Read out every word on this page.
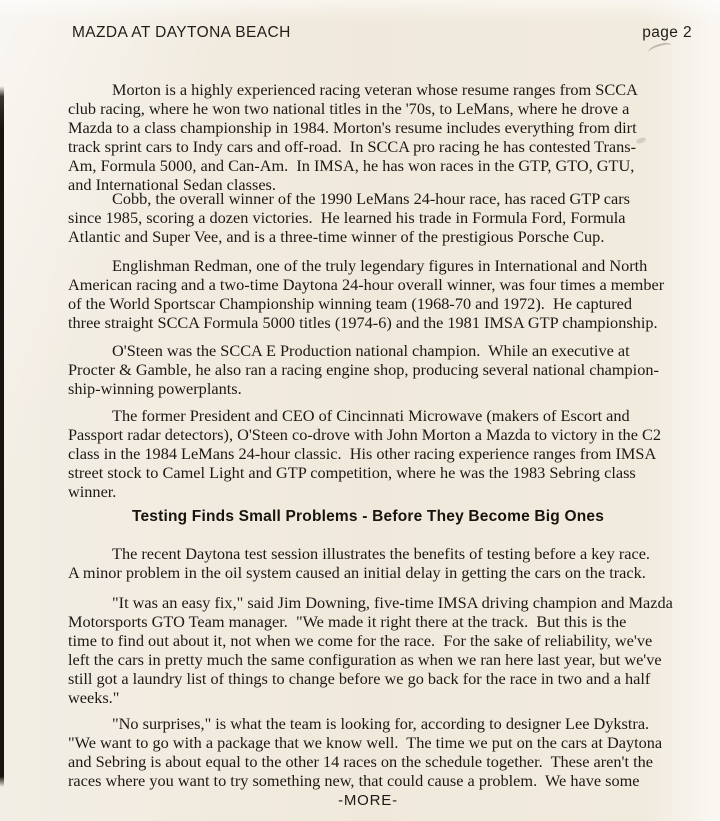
MAZDA AT DAYTONA BEACH	page 2
Morton is a highly experienced racing veteran whose resume ranges from SCCA
club racing, where he won two national titles in the '70s, to LeMans, where he drove a
Mazda to a class championship in 1984. Morton's resume includes everything from dirt
track sprint cars to Indy cars and off-road.  In SCCA pro racing he has contested Trans-
Am, Formula 5000, and Can-Am.  In IMSA, he has won races in the GTP, GTO, GTU,
and International Sedan classes.
Cobb, the overall winner of the 1990 LeMans 24-hour race, has raced GTP cars
since 1985, scoring a dozen victories.  He learned his trade in Formula Ford, Formula
Atlantic and Super Vee, and is a three-time winner of the prestigious Porsche Cup.
Englishman Redman, one of the truly legendary figures in International and North
American racing and a two-time Daytona 24-hour overall winner, was four times a member
of the World Sportscar Championship winning team (1968-70 and 1972).  He captured
three straight SCCA Formula 5000 titles (1974-6) and the 1981 IMSA GTP championship.
O'Steen was the SCCA E Production national champion.  While an executive at
Procter & Gamble, he also ran a racing engine shop, producing several national champion-
ship-winning powerplants.
The former President and CEO of Cincinnati Microwave (makers of Escort and
Passport radar detectors), O'Steen co-drove with John Morton a Mazda to victory in the C2
class in the 1984 LeMans 24-hour classic.  His other racing experience ranges from IMSA
street stock to Camel Light and GTP competition, where he was the 1983 Sebring class
winner.
Testing Finds Small Problems - Before They Become Big Ones
The recent Daytona test session illustrates the benefits of testing before a key race.
A minor problem in the oil system caused an initial delay in getting the cars on the track.
"It was an easy fix," said Jim Downing, five-time IMSA driving champion and Mazda
Motorsports GTO Team manager.  "We made it right there at the track.  But this is the
time to find out about it, not when we come for the race.  For the sake of reliability, we've
left the cars in pretty much the same configuration as when we ran here last year, but we've
still got a laundry list of things to change before we go back for the race in two and a half
weeks."
"No surprises," is what the team is looking for, according to designer Lee Dykstra.
"We want to go with a package that we know well.  The time we put on the cars at Daytona
and Sebring is about equal to the other 14 races on the schedule together.  These aren't the
races where you want to try something new, that could cause a problem.  We have some
-MORE-
